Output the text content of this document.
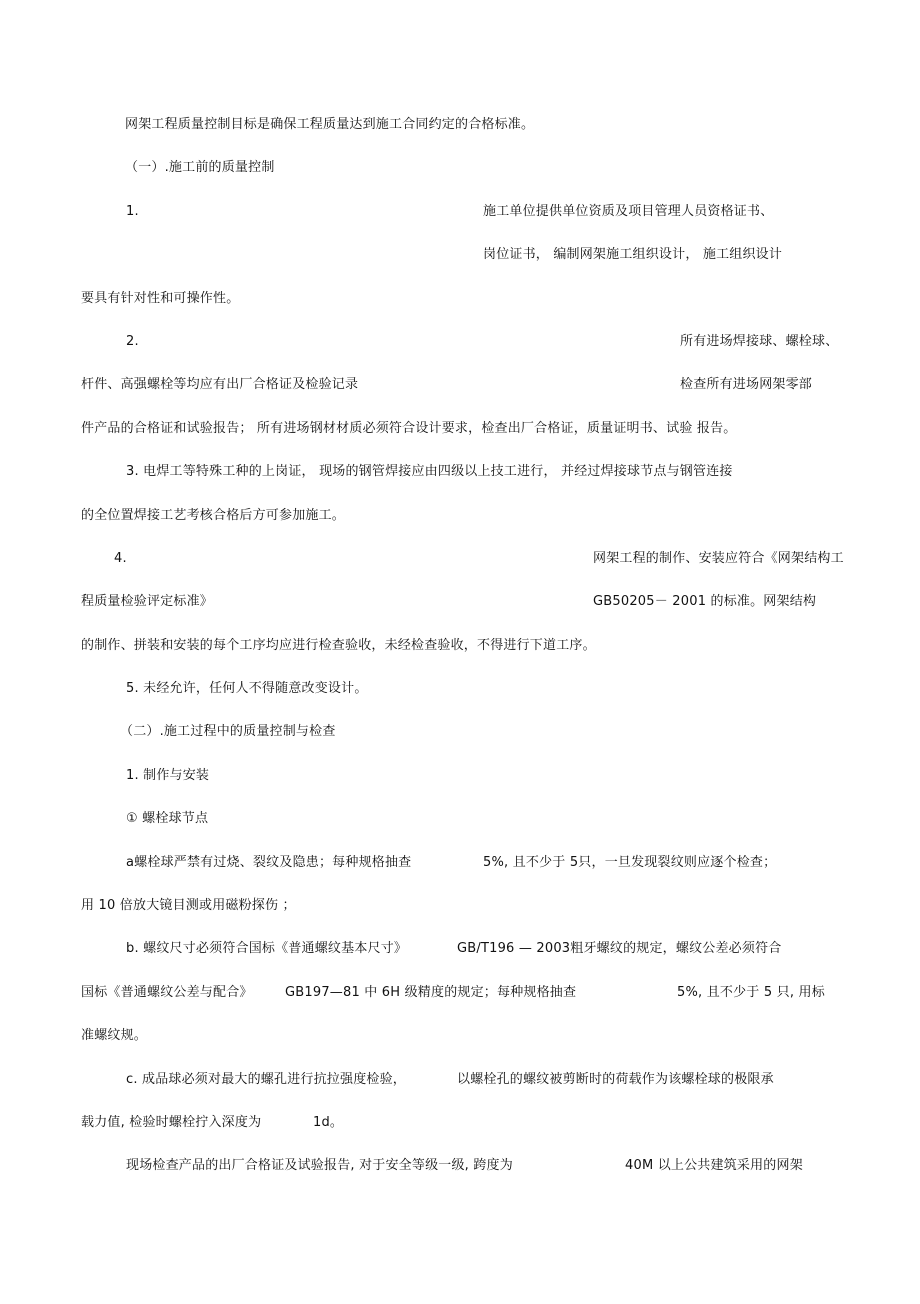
网架工程质量控制目标是确保工程质量达到施工合同约定的合格标准。
（一）.施工前的质量控制
1.	施工单位提供单位资质及项目管理人员资格证书、
岗位证书， 编制网架施工组织设计， 施工组织设计
要具有针对性和可操作性。
2.	所有进场焊接球、螺栓球、
杆件、高强螺栓等均应有出厂合格证及检验记录	检查所有进场网架零部
件产品的合格证和试验报告； 所有进场钢材材质必须符合设计要求，检查出厂合格证，质量证明书、试验 报告。
3. 电焊工等特殊工种的上岗证， 现场的钢管焊接应由四级以上技工进行， 并经过焊接球节点与钢管连接
的全位置焊接工艺考核合格后方可参加施工。
4.	网架工程的制作、安装应符合《网架结构工
程质量检验评定标准》	GB50205－ 2001 的标准。网架结构
的制作、拼装和安装的每个工序均应进行检查验收，未经检查验收，不得进行下道工序。
5. 未经允许，任何人不得随意改变设计。
（二）.施工过程中的质量控制与检查
1. 制作与安装
① 螺栓球节点
a螺栓球严禁有过烧、裂纹及隐患；每种规格抽查	5%, 且不少于 5只，一旦发现裂纹则应逐个检查；
用 10 倍放大镜目测或用磁粉探伤 ；
b. 螺纹尺寸必须符合国标《普通螺纹基本尺寸》	GB/T196 — 2003粗牙螺纹的规定，螺纹公差必须符合
国标《普通螺纹公差与配合》 GB197—81 中 6H 级精度的规定；每种规格抽查	5%, 且不少于 5 只, 用标
准螺纹规。
c. 成品球必须对最大的螺孔进行抗拉强度检验，	以螺栓孔的螺纹被剪断时的荷载作为该螺栓球的极限承
载力值, 检验时螺栓拧入深度为	1d。
现场检查产品的出厂合格证及试验报告, 对于安全等级一级, 跨度为	40M 以上公共建筑采用的网架
